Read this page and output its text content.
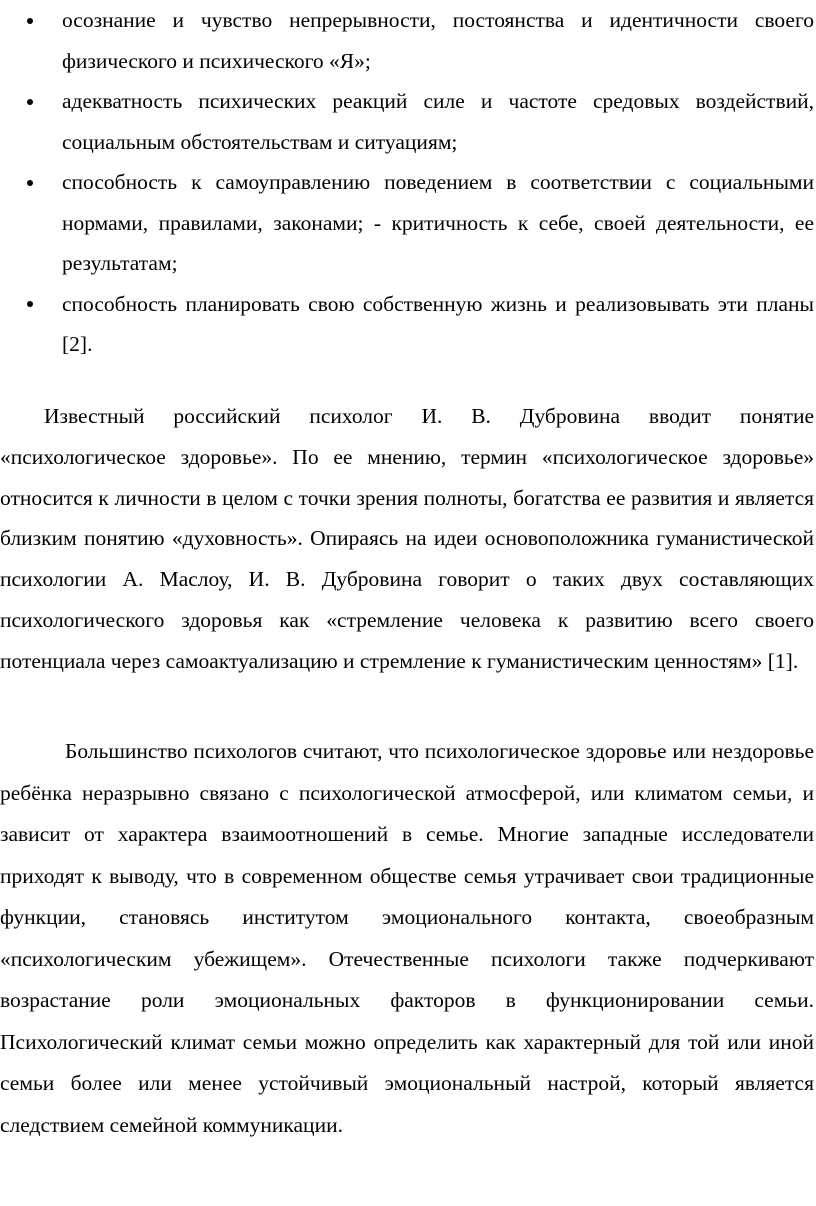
осознание и чувство непрерывности, постоянства и идентичности своего физического и психического «Я»;
адекватность психических реакций силе и частоте средовых воздействий, социальным обстоятельствам и ситуациям;
способность к самоуправлению поведением в соответствии с социальными нормами, правилами, законами; - критичность к себе, своей деятельности, ее результатам;
способность планировать свою собственную жизнь и реализовывать эти планы [2].

Известный российский психолог И. В. Дубровина вводит понятие «психологическое здоровье». По ее мнению, термин «психологическое здоровье» относится к личности в целом с точки зрения полноты, богатства ее развития и является близким понятию «духовность». Опираясь на идеи основоположника гуманистической психологии А. Маслоу, И. В. Дубровина говорит о таких двух составляющих психологического здоровья как «стремление человека к развитию всего своего потенциала через самоактуализацию и стремление к гуманистическим ценностям» [1].

Большинство психологов считают, что психологическое здоровье или нездоровье ребёнка неразрывно связано с психологической атмосферой, или климатом семьи, и зависит от характера взаимоотношений в семье. Многие западные исследователи приходят к выводу, что в современном обществе семья утрачивает свои традиционные функции, становясь институтом эмоционального контакта, своеобразным «психологическим убежищем». Отечественные психологи также подчеркивают возрастание роли эмоциональных факторов в функционировании семьи. Психологический климат семьи можно определить как характерный для той или иной семьи более или менее устойчивый эмоциональный настрой, который является следствием семейной коммуникации.
